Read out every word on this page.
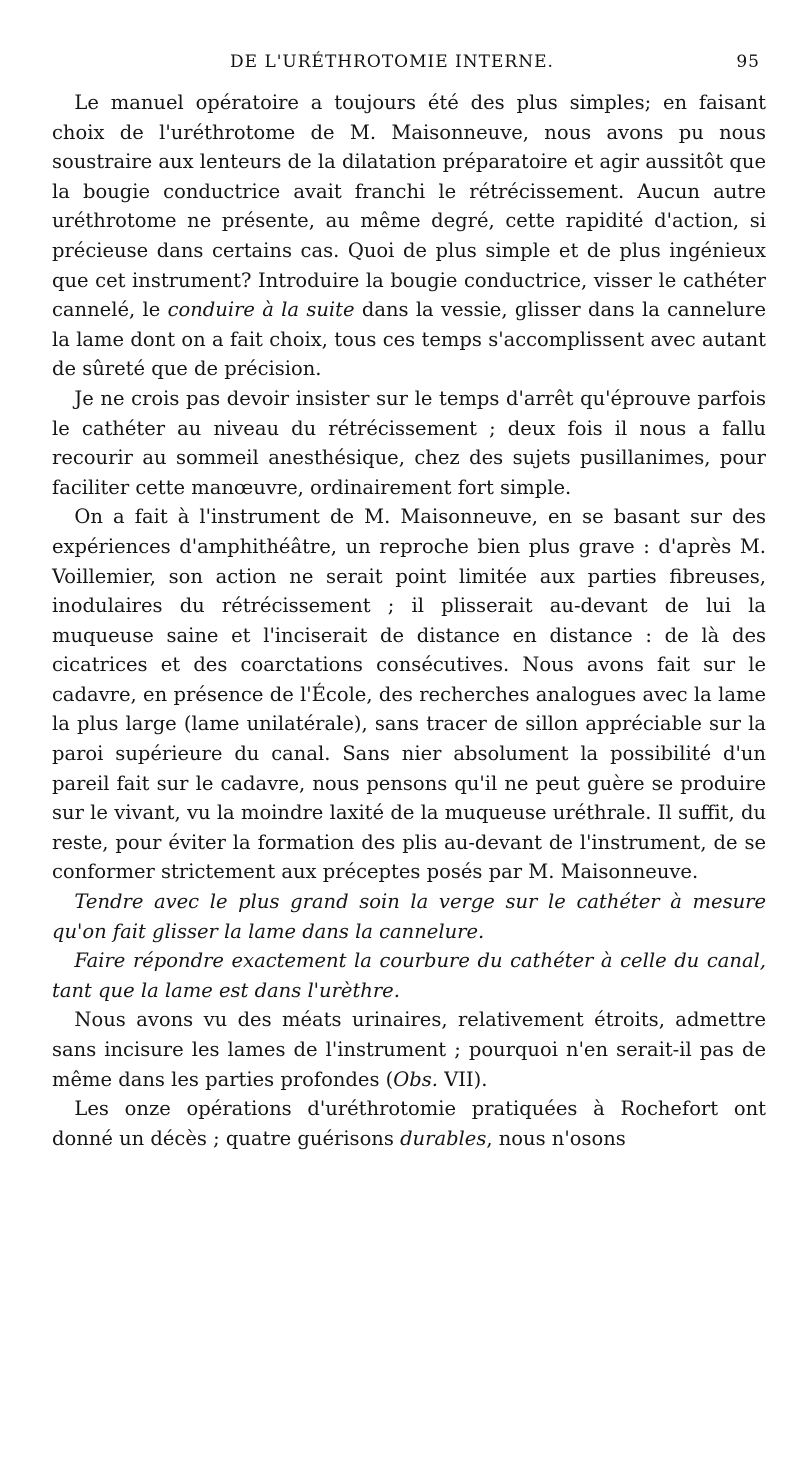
DE L'URÉTHROTOMIE INTERNE.	95

Le manuel opératoire a toujours été des plus simples; en faisant choix de l'uréthrotome de M. Maisonneuve, nous avons pu nous soustraire aux lenteurs de la dilatation préparatoire et agir aussitôt que la bougie conductrice avait franchi le rétrécissement. Aucun autre uréthrotome ne présente, au même degré, cette rapidité d'action, si précieuse dans certains cas. Quoi de plus simple et de plus ingénieux que cet instrument? Introduire la bougie conductrice, visser le cathéter cannelé, le conduire à la suite dans la vessie, glisser dans la cannelure la lame dont on a fait choix, tous ces temps s'accomplissent avec autant de sûreté que de précision.

Je ne crois pas devoir insister sur le temps d'arrêt qu'éprouve parfois le cathéter au niveau du rétrécissement ; deux fois il nous a fallu recourir au sommeil anesthésique, chez des sujets pusillanimes, pour faciliter cette manœuvre, ordinairement fort simple.

On a fait à l'instrument de M. Maisonneuve, en se basant sur des expériences d'amphithéâtre, un reproche bien plus grave : d'après M. Voillemier, son action ne serait point limitée aux parties fibreuses, inodulaires du rétrécissement ; il plisserait au-devant de lui la muqueuse saine et l'inciserait de distance en distance : de là des cicatrices et des coarctations consécutives. Nous avons fait sur le cadavre, en présence de l'École, des recherches analogues avec la lame la plus large (lame unilatérale), sans tracer de sillon appréciable sur la paroi supérieure du canal. Sans nier absolument la possibilité d'un pareil fait sur le cadavre, nous pensons qu'il ne peut guère se produire sur le vivant, vu la moindre laxité de la muqueuse uréthrale. Il suffit, du reste, pour éviter la formation des plis au-devant de l'instrument, de se conformer strictement aux préceptes posés par M. Maisonneuve.

Tendre avec le plus grand soin la verge sur le cathéter à mesure qu'on fait glisser la lame dans la cannelure.

Faire répondre exactement la courbure du cathéter à celle du canal, tant que la lame est dans l'urèthre.

Nous avons vu des méats urinaires, relativement étroits, admettre sans incisure les lames de l'instrument ; pourquoi n'en serait-il pas de même dans les parties profondes (Obs. VII).

Les onze opérations d'uréthrotomie pratiquées à Rochefort ont donné un décès ; quatre guérisons durables, nous n'osons
